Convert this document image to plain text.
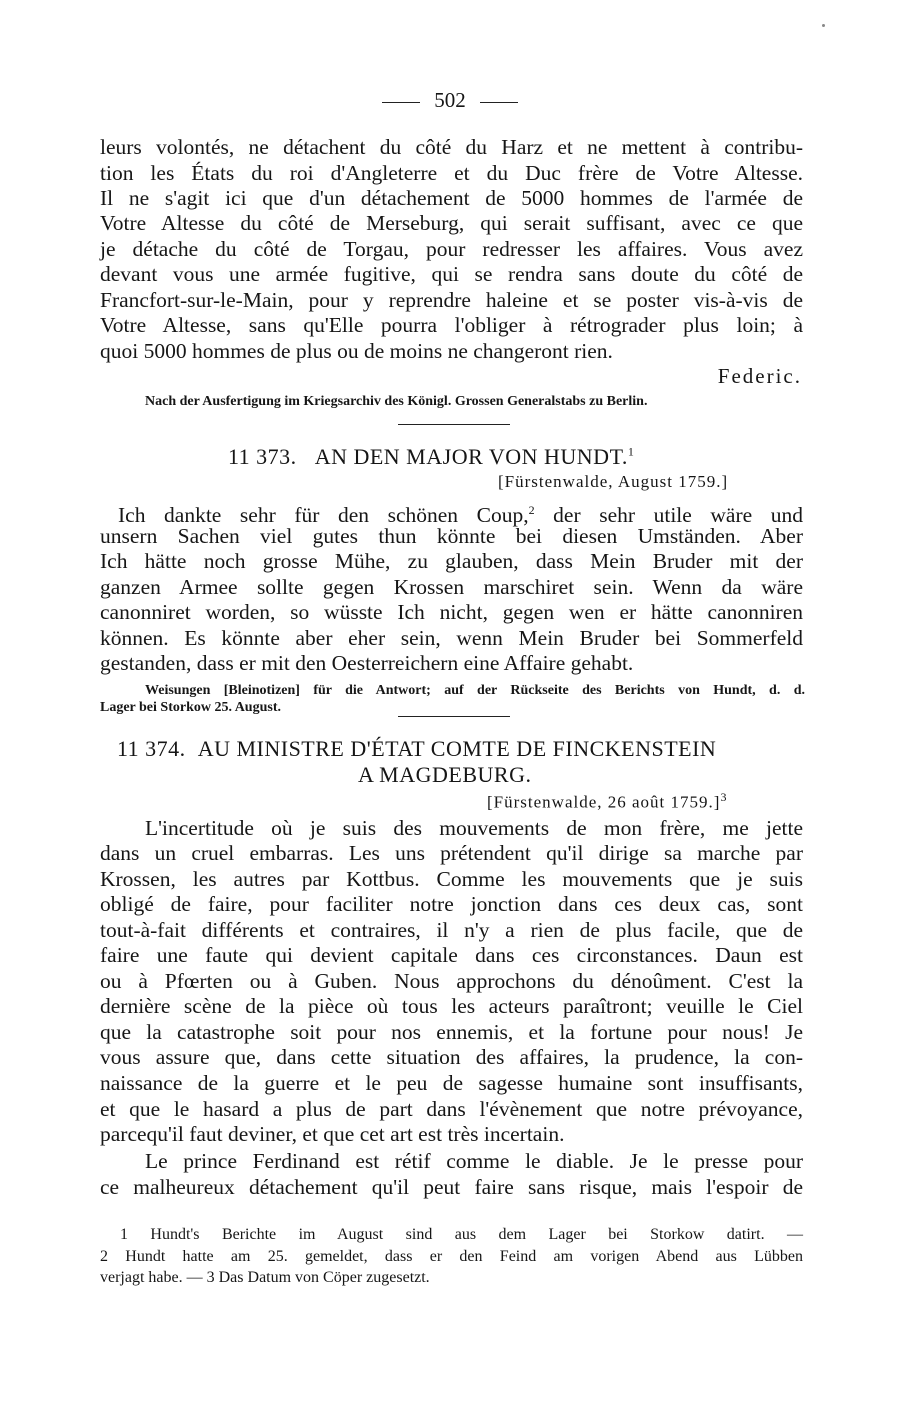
502
leurs volontés, ne détachent du côté du Harz et ne mettent à contribu-
tion les États du roi d'Angleterre et du Duc frère de Votre Altesse.
Il ne s'agit ici que d'un détachement de 5000 hommes de l'armée de
Votre Altesse du côté de Merseburg, qui serait suffisant, avec ce que
je détache du côté de Torgau, pour redresser les affaires. Vous avez
devant vous une armée fugitive, qui se rendra sans doute du côté de
Francfort-sur-le-Main, pour y reprendre haleine et se poster vis-à-vis de
Votre Altesse, sans qu'Elle pourra l'obliger à rétrograder plus loin; à
quoi 5000 hommes de plus ou de moins ne changeront rien.
Federic.
Nach der Ausfertigung im Kriegsarchiv des Königl. Grossen Generalstabs zu Berlin.
11 373. AN DEN MAJOR VON HUNDT.$^1$
[Fürstenwalde, August 1759.]
Ich dankte sehr für den schönen Coup,$^2$ der sehr utile wäre und
unsern Sachen viel gutes thun könnte bei diesen Umständen. Aber
Ich hätte noch grosse Mühe, zu glauben, dass Mein Bruder mit der
ganzen Armee sollte gegen Krossen marschiret sein. Wenn da wäre
canonniret worden, so wüsste Ich nicht, gegen wen er hätte canonniren
können. Es könnte aber eher sein, wenn Mein Bruder bei Sommerfeld
gestanden, dass er mit den Oesterreichern eine Affaire gehabt.
Weisungen [Bleinotizen] für die Antwort; auf der Rückseite des Berichts von Hundt, d. d.
Lager bei Storkow 25. August.
11 374. AU MINISTRE D'ÉTAT COMTE DE FINCKENSTEIN
A MAGDEBURG.
[Fürstenwalde, 26 août 1759.]$^3$
L'incertitude où je suis des mouvements de mon frère, me jette
dans un cruel embarras. Les uns prétendent qu'il dirige sa marche par
Krossen, les autres par Kottbus. Comme les mouvements que je suis
obligé de faire, pour faciliter notre jonction dans ces deux cas, sont
tout-à-fait différents et contraires, il n'y a rien de plus facile, que de
faire une faute qui devient capitale dans ces circonstances. Daun est
ou à Pfœrten ou à Guben. Nous approchons du dénoûment. C'est la
dernière scène de la pièce où tous les acteurs paraîtront; veuille le Ciel
que la catastrophe soit pour nos ennemis, et la fortune pour nous! Je
vous assure que, dans cette situation des affaires, la prudence, la con-
naissance de la guerre et le peu de sagesse humaine sont insuffisants,
et que le hasard a plus de part dans l'évènement que notre prévoyance,
parcequ'il faut deviner, et que cet art est très incertain.
Le prince Ferdinand est rétif comme le diable. Je le presse pour
ce malheureux détachement qu'il peut faire sans risque, mais l'espoir de
1 Hundt's Berichte im August sind aus dem Lager bei Storkow datirt. —
2 Hundt hatte am 25. gemeldet, dass er den Feind am vorigen Abend aus Lübben
verjagt habe. — 3 Das Datum von Cöper zugesetzt.
